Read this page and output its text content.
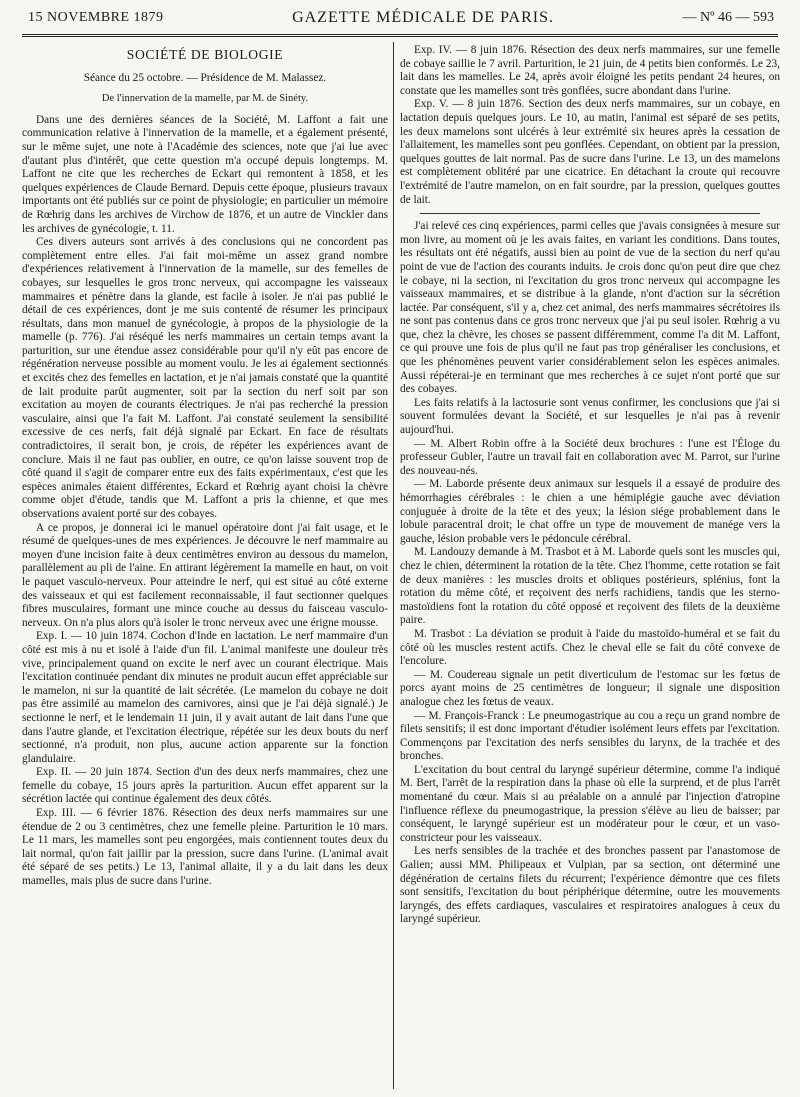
15 NOVEMBRE 1879	GAZETTE MÉDICALE DE PARIS.	— Nº 46 — 593
SOCIÉTÉ DE BIOLOGIE
Séance du 25 octobre. — Présidence de M. Malassez.
De l'innervation de la mamelle, par M. de Sinéty.

Dans une des dernières séances de la Société, M. Laffont a fait une communication relative à l'innervation de la mamelle, et a également présenté, sur le même sujet, une note à l'Académie des sciences, note que j'ai lue avec d'autant plus d'intérêt, que cette question m'a occupé depuis longtemps. M. Laffont ne cite que les recherches de Eckart qui remontent à 1858, et les quelques expériences de Claude Bernard. Depuis cette époque, plusieurs travaux importants ont été publiés sur ce point de physiologie; en particulier un mémoire de Rœhrig dans les archives de Virchow de 1876, et un autre de Vinckler dans les archives de gynécologie, t. 11.

Ces divers auteurs sont arrivés à des conclusions qui ne concordent pas complètement entre elles. J'ai fait moi-même un assez grand nombre d'expériences relativement à l'innervation de la mamelle, sur des femelles de cobayes, sur lesquelles le gros tronc nerveux, qui accompagne les vaisseaux mammaires et pénètre dans la glande, est facile à isoler. Je n'ai pas publié le détail de ces expériences, dont je me suis contenté de résumer les principaux résultats, dans mon manuel de gynécologie, à propos de la physiologie de la mamelle (p. 776). J'ai réséqué les nerfs mammaires un certain temps avant la parturition, sur une étendue assez considérable pour qu'il n'y eût pas encore de régénération nerveuse possible au moment voulu. Je les ai également sectionnés et excités chez des femelles en lactation, et je n'ai jamais constaté que la quantité de lait produite parût augmenter, soit par la section du nerf soit par son excitation au moyen de courants électriques. Je n'ai pas recherché la pression vasculaire, ainsi que l'a fait M. Laffont. J'ai constaté seulement la sensibilité excessive de ces nerfs, fait déjà signalé par Eckart. En face de résultats contradictoires, il serait bon, je crois, de répéter les expériences avant de conclure. Mais il ne faut pas oublier, en outre, ce qu'on laisse souvent trop de côté quand il s'agit de comparer entre eux des faits expérimentaux, c'est que les espèces animales étaient différentes, Eckard et Rœhrig ayant choisi la chèvre comme objet d'étude, tandis que M. Laffont a pris la chienne, et que mes observations avaient porté sur des cobayes.

A ce propos, je donnerai ici le manuel opératoire dont j'ai fait usage, et le résumé de quelques-unes de mes expériences. Je découvre le nerf mammaire au moyen d'une incision faite à deux centimètres environ au dessous du mamelon, parallèlement au pli de l'aine. En attirant légèrement la mamelle en haut, on voit le paquet vasculo-nerveux. Pour atteindre le nerf, qui est situé au côté externe des vaisseaux et qui est facilement reconnaissable, il faut sectionner quelques fibres musculaires, formant une mince couche au dessus du faisceau vasculo-nerveux. On n'a plus alors qu'à isoler le tronc nerveux avec une érigne mousse.

Exp. I. — 10 juin 1874. Cochon d'Inde en lactation. Le nerf mammaire d'un côté est mis à nu et isolé à l'aide d'un fil. L'animal manifeste une douleur très vive, principalement quand on excite le nerf avec un courant électrique. Mais l'excitation continuée pendant dix minutes ne produit aucun effet appréciable sur le mamelon, ni sur la quantité de lait sécrétée. (Le mamelon du cobaye ne doit pas être assimilé au mamelon des carnivores, ainsi que je l'ai déjà signalé.) Je sectionne le nerf, et le lendemain 11 juin, il y avait autant de lait dans l'une que dans l'autre glande, et l'excitation électrique, répétée sur les deux bouts du nerf sectionné, n'a produit, non plus, aucune action apparente sur la fonction glandulaire.

Exp. II. — 20 juin 1874. Section d'un des deux nerfs mammaires, chez une femelle du cobaye, 15 jours après la parturition. Aucun effet apparent sur la sécrétion lactée qui continue également des deux côtés.

Exp. III. — 6 février 1876. Résection des deux nerfs mammaires sur une étendue de 2 ou 3 centimètres, chez une femelle pleine. Parturition le 10 mars. Le 11 mars, les mamelles sont peu engorgées, mais contiennent toutes deux du lait normal, qu'on fait jaillir par la pression, sucre dans l'urine. (L'animal avait été séparé de ses petits.) Le 13, l'animal allaite, il y a du lait dans les deux mamelles, mais plus de sucre dans l'urine.

Exp. IV. — 8 juin 1876. Résection des deux nerfs mammaires, sur une femelle de cobaye saillie le 7 avril. Parturition, le 21 juin, de 4 petits bien conformés. Le 23, lait dans les mamelles. Le 24, après avoir éloigné les petits pendant 24 heures, on constate que les mamelles sont très gonflées, sucre abondant dans l'urine.

Exp. V. — 8 juin 1876. Section des deux nerfs mammaires, sur un cobaye, en lactation depuis quelques jours. Le 10, au matin, l'animal est séparé de ses petits, les deux mamelons sont ulcérés à leur extrémité six heures après la cessation de l'allaitement, les mamelles sont peu gonflées. Cependant, on obtient par la pression, quelques gouttes de lait normal. Pas de sucre dans l'urine. Le 13, un des mamelons est complètement oblitéré par une cicatrice. En détachant la croute qui recouvre l'extrémité de l'autre mamelon, on en fait sourdre, par la pression, quelques gouttes de lait.

J'ai relevé ces cinq expériences, parmi celles que j'avais consignées à mesure sur mon livre, au moment où je les avais faites, en variant les conditions. Dans toutes, les résultats ont été négatifs, aussi bien au point de vue de la section du nerf qu'au point de vue de l'action des courants induits. Je crois donc qu'on peut dire que chez le cobaye, ni la section, ni l'excitation du gros tronc nerveux qui accompagne les vaisseaux mammaires, et se distribue à la glande, n'ont d'action sur la sécrétion lactée. Par conséquent, s'il y a, chez cet animal, des nerfs mammaires sécrétoires ils ne sont pas contenus dans ce gros tronc nerveux que j'ai pu seul isoler. Rœhrig a vu que, chez la chèvre, les choses se passent différemment, comme l'a dit M. Laffont, ce qui prouve une fois de plus qu'il ne faut pas trop généraliser les conclusions, et que les phénomènes peuvent varier considérablement selon les espèces animales. Aussi répéterai-je en terminant que mes recherches à ce sujet n'ont porté que sur des cobayes.

Les faits relatifs à la lactosurie sont venus confirmer, les conclusions que j'ai si souvent formulées devant la Société, et sur lesquelles je n'ai pas à revenir aujourd'hui.

— M. Albert Robin offre à la Société deux brochures : l'une est l'Éloge du professeur Gubler, l'autre un travail fait en collaboration avec M. Parrot, sur l'urine des nouveau-nés.

— M. Laborde présente deux animaux sur lesquels il a essayé de produire des hémorrhagies cérébrales : le chien a une hémiplégie gauche avec déviation conjuguée à droite de la tête et des yeux; la lésion siége probablement dans le lobule paracentral droit; le chat offre un type de mouvement de manége vers la gauche, lésion probable vers le pédoncule cérébral.

M. Landouzy demande à M. Trasbot et à M. Laborde quels sont les muscles qui, chez le chien, déterminent la rotation de la tête. Chez l'homme, cette rotation se fait de deux manières : les muscles droits et obliques postérieurs, splénius, font la rotation du même côté, et reçoivent des nerfs rachidiens, tandis que les sterno-mastoïdiens font la rotation du côté opposé et reçoivent des filets de la deuxième paire.

M. Trasbot : La déviation se produit à l'aide du mastoïdo-huméral et se fait du côté où les muscles restent actifs. Chez le cheval elle se fait du côté convexe de l'encolure.

— M. Coudereau signale un petit diverticulum de l'estomac sur les fœtus de porcs ayant moins de 25 centimètres de longueur; il signale une disposition analogue chez les fœtus de veaux.

— M. François-Franck : Le pneumogastrique au cou a reçu un grand nombre de filets sensitifs; il est donc important d'étudier isolément leurs effets par l'excitation. Commençons par l'excitation des nerfs sensibles du larynx, de la trachée et des bronches.

L'excitation du bout central du laryngé supérieur détermine, comme l'a indiqué M. Bert, l'arrêt de la respiration dans la phase où elle la surprend, et de plus l'arrêt momentané du cœur. Mais si au préalable on a annulé par l'injection d'atropine l'influence réflexe du pneumogastrique, la pression s'élève au lieu de baisser; par conséquent, le laryngé supérieur est un modérateur pour le cœur, et un vaso-constricteur pour les vaisseaux.

Les nerfs sensibles de la trachée et des bronches passent par l'anastomose de Galien; aussi MM. Philipeaux et Vulpian, par sa section, ont déterminé une dégénération de certains filets du récurrent; l'expérience démontre que ces filets sont sensitifs, l'excitation du bout périphérique détermine, outre les mouvements laryngés, des effets cardiaques, vasculaires et respiratoires analogues à ceux du laryngé supérieur.
